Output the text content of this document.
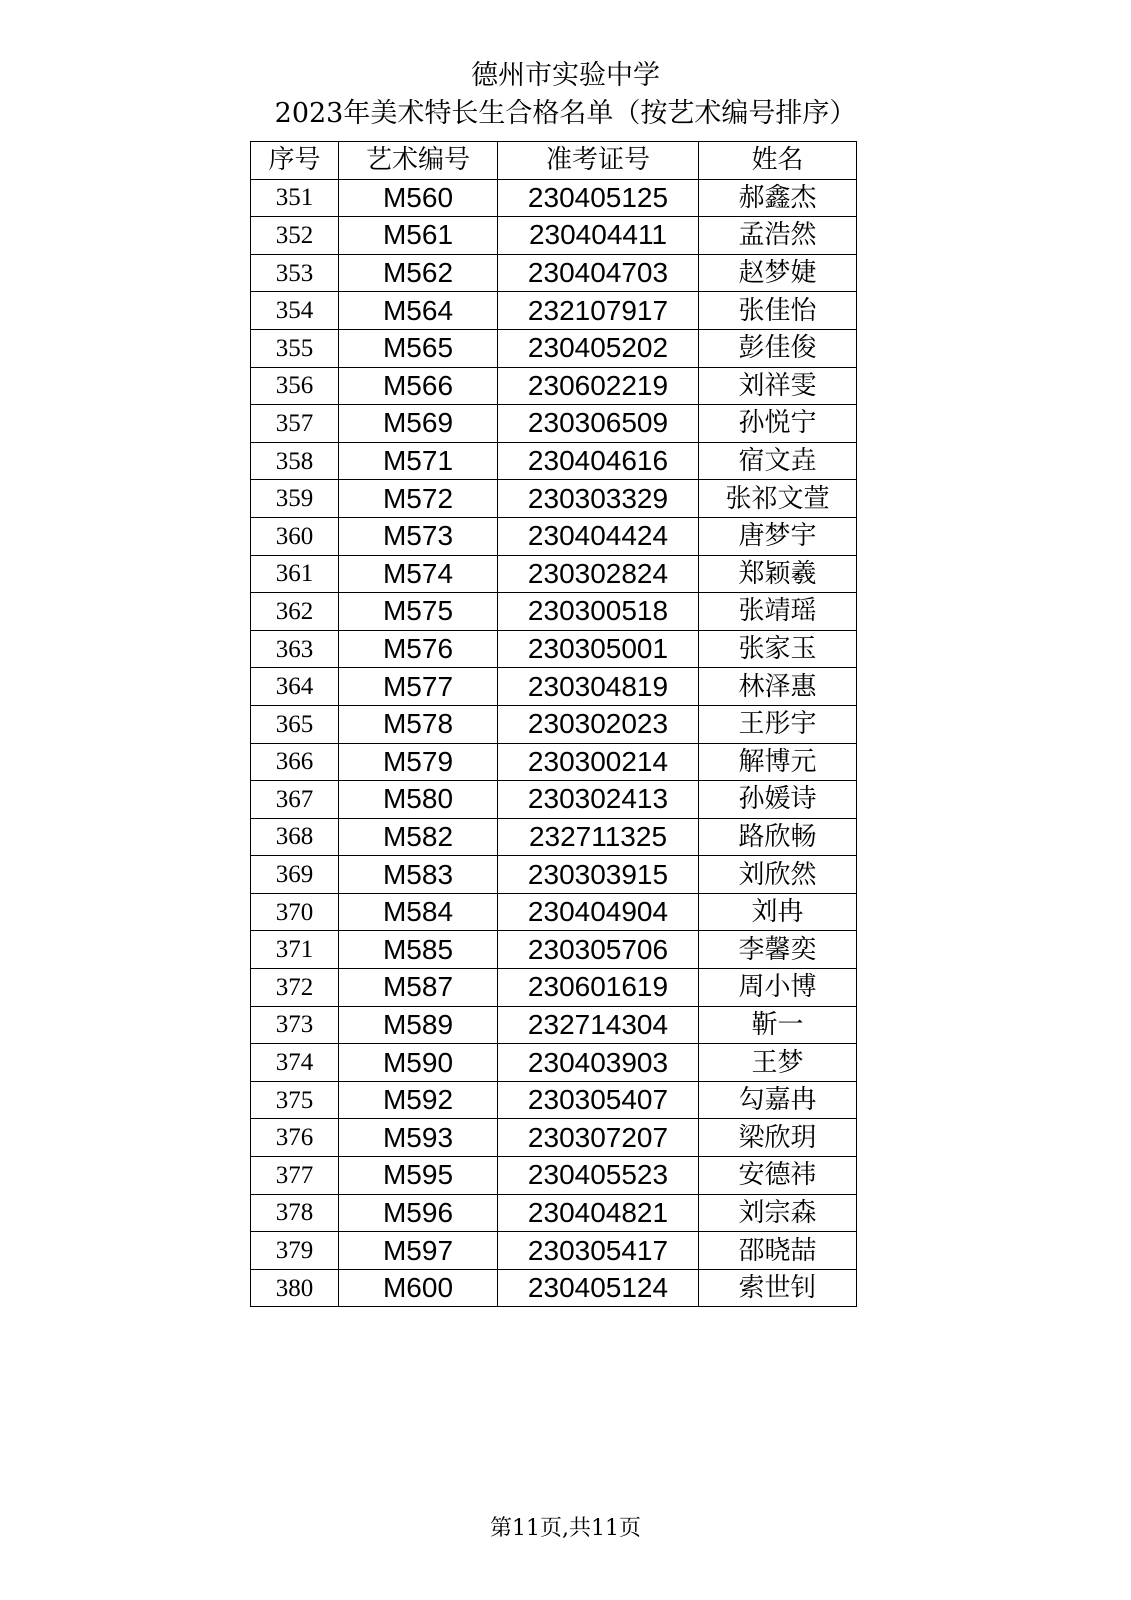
德州市实验中学
2023年美术特长生合格名单（按艺术编号排序）
序号	艺术编号	准考证号	姓名
351	M560	230405125	郝鑫杰
352	M561	230404411	孟浩然
353	M562	230404703	赵梦婕
354	M564	232107917	张佳怡
355	M565	230405202	彭佳俊
356	M566	230602219	刘祥雯
357	M569	230306509	孙悦宁
358	M571	230404616	宿文垚
359	M572	230303329	张祁文萱
360	M573	230404424	唐梦宇
361	M574	230302824	郑颖羲
362	M575	230300518	张靖瑶
363	M576	230305001	张家玉
364	M577	230304819	林泽惠
365	M578	230302023	王彤宇
366	M579	230300214	解博元
367	M580	230302413	孙媛诗
368	M582	232711325	路欣畅
369	M583	230303915	刘欣然
370	M584	230404904	刘冉
371	M585	230305706	李馨奕
372	M587	230601619	周小博
373	M589	232714304	靳一
374	M590	230403903	王梦
375	M592	230305407	勾嘉冉
376	M593	230307207	梁欣玥
377	M595	230405523	安德祎
378	M596	230404821	刘宗森
379	M597	230305417	邵晓喆
380	M600	230405124	索世钊
第11页,共11页
